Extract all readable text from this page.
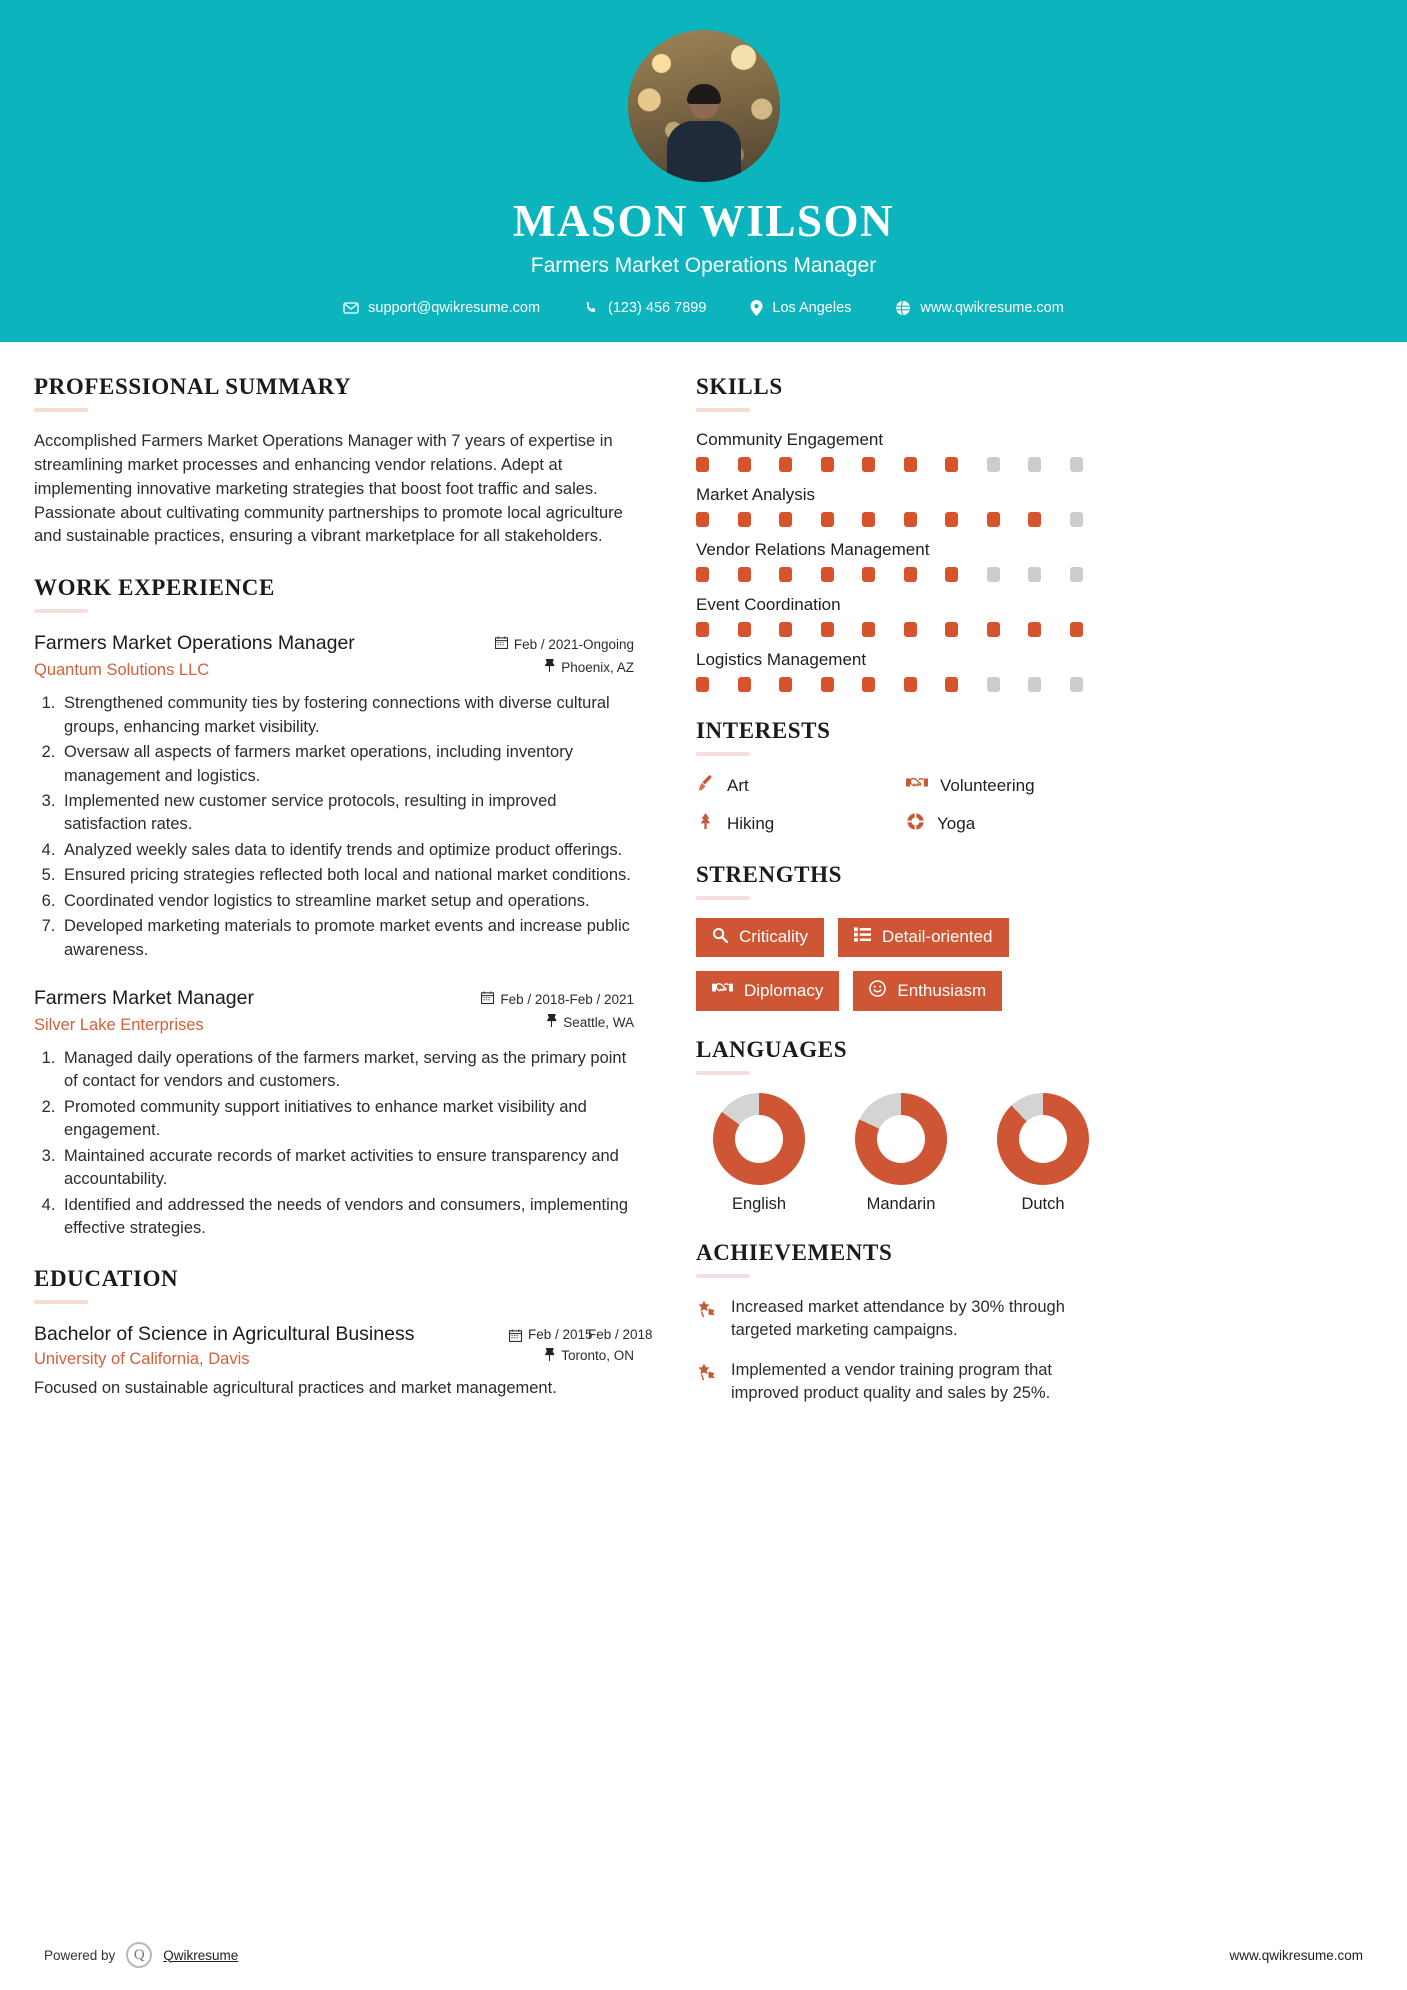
MASON WILSON
Farmers Market Operations Manager
support@qwikresume.com	(123) 456 7899	Los Angeles	www.qwikresume.com
PROFESSIONAL SUMMARY
Accomplished Farmers Market Operations Manager with 7 years of expertise in streamlining market processes and enhancing vendor relations. Adept at implementing innovative marketing strategies that boost foot traffic and sales. Passionate about cultivating community partnerships to promote local agriculture and sustainable practices, ensuring a vibrant marketplace for all stakeholders.
WORK EXPERIENCE
Farmers Market Operations Manager	Feb / 2021-Ongoing
Quantum Solutions LLC	Phoenix, AZ
1. Strengthened community ties by fostering connections with diverse cultural groups, enhancing market visibility.
2. Oversaw all aspects of farmers market operations, including inventory management and logistics.
3. Implemented new customer service protocols, resulting in improved satisfaction rates.
4. Analyzed weekly sales data to identify trends and optimize product offerings.
5. Ensured pricing strategies reflected both local and national market conditions.
6. Coordinated vendor logistics to streamline market setup and operations.
7. Developed marketing materials to promote market events and increase public awareness.
Farmers Market Manager	Feb / 2018-Feb / 2021
Silver Lake Enterprises	Seattle, WA
1. Managed daily operations of the farmers market, serving as the primary point of contact for vendors and customers.
2. Promoted community support initiatives to enhance market visibility and engagement.
3. Maintained accurate records of market activities to ensure transparency and accountability.
4. Identified and addressed the needs of vendors and consumers, implementing effective strategies.
EDUCATION
Bachelor of Science in Agricultural Business	Feb / 2015
Feb / 2018
University of California, Davis	Toronto, ON
Focused on sustainable agricultural practices and market management.
SKILLS
Community Engagement
Market Analysis
Vendor Relations Management
Event Coordination
Logistics Management
INTERESTS
Art	Volunteering
Hiking	Yoga
STRENGTHS
Criticality	Detail-oriented
Diplomacy	Enthusiasm
LANGUAGES
English	Mandarin	Dutch
ACHIEVEMENTS
Increased market attendance by 30% through targeted marketing campaigns.
Implemented a vendor training program that improved product quality and sales by 25%.
Powered by Q Qwikresume	www.qwikresume.com
